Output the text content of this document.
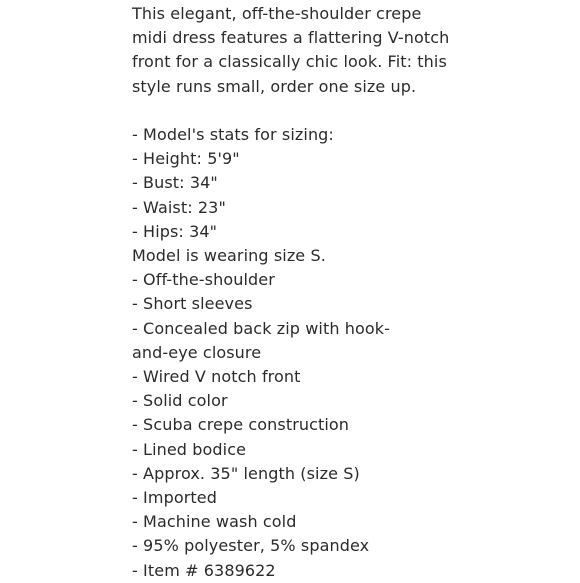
This elegant, off-the-shoulder crepe midi dress features a flattering V-notch front for a classically chic look. Fit: this style runs small, order one size up.

- Model's stats for sizing:
- Height: 5'9"
- Bust: 34"
- Waist: 23"
- Hips: 34"
Model is wearing size S.
- Off-the-shoulder
- Short sleeves
- Concealed back zip with hook-and-eye closure
- Wired V notch front
- Solid color
- Scuba crepe construction
- Lined bodice
- Approx. 35" length (size S)
- Imported
- Machine wash cold
- 95% polyester, 5% spandex
- Item # 6389622
